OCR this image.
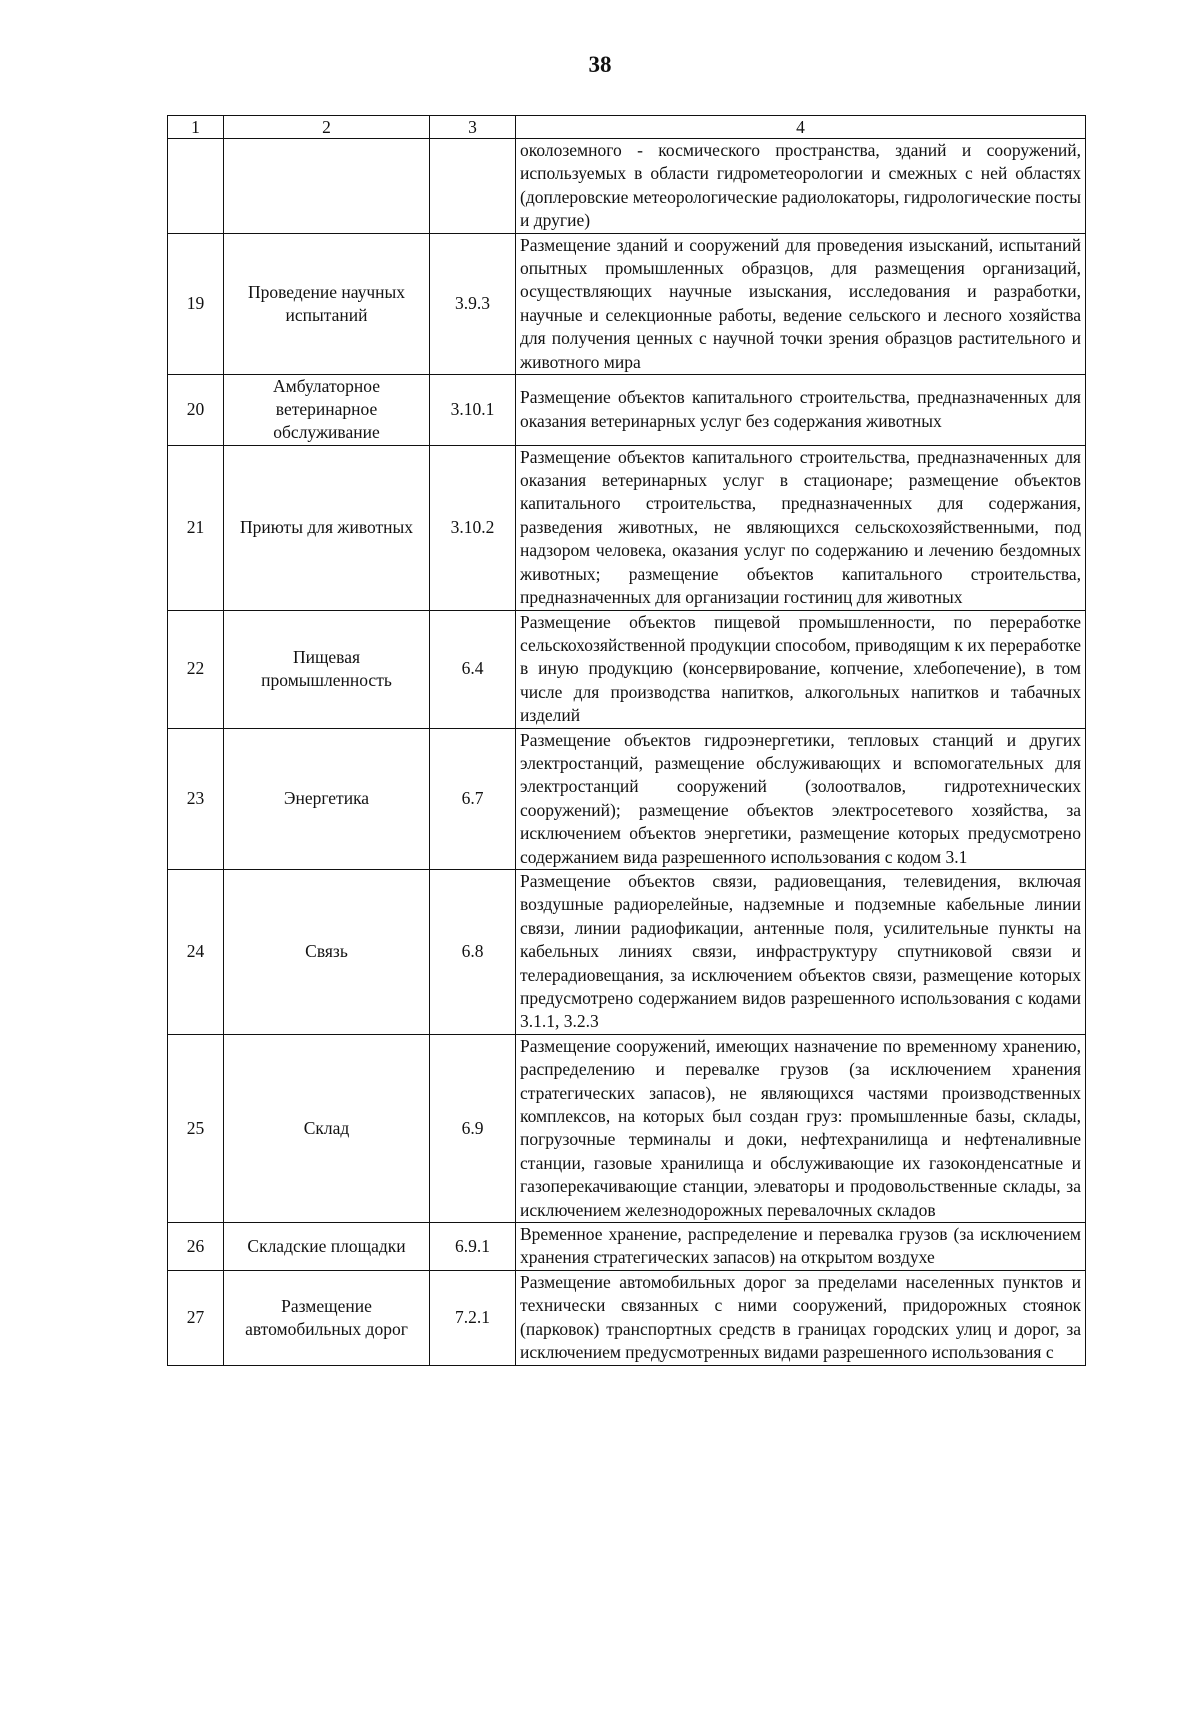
38
1	2	3	4
			околоземного - космического пространства, зданий и сооружений, используемых в области гидрометеорологии и смежных с ней областях (доплеровские метеорологические радиолокаторы, гидрологические посты и другие)
19	Проведение научных испытаний	3.9.3	Размещение зданий и сооружений для проведения изысканий, испытаний опытных промышленных образцов, для размещения организаций, осуществляющих научные изыскания, исследования и разработки, научные и селекционные работы, ведение сельского и лесного хозяйства для получения ценных с научной точки зрения образцов растительного и животного мира
20	Амбулаторное ветеринарное обслуживание	3.10.1	Размещение объектов капитального строительства, предназначенных для оказания ветеринарных услуг без содержания животных
21	Приюты для животных	3.10.2	Размещение объектов капитального строительства, предназначенных для оказания ветеринарных услуг в стационаре; размещение объектов капитального строительства, предназначенных для содержания, разведения животных, не являющихся сельскохозяйственными, под надзором человека, оказания услуг по содержанию и лечению бездомных животных; размещение объектов капитального строительства, предназначенных для организации гостиниц для животных
22	Пищевая промышленность	6.4	Размещение объектов пищевой промышленности, по переработке сельскохозяйственной продукции способом, приводящим к их переработке в иную продукцию (консервирование, копчение, хлебопечение), в том числе для производства напитков, алкогольных напитков и табачных изделий
23	Энергетика	6.7	Размещение объектов гидроэнергетики, тепловых станций и других электростанций, размещение обслуживающих и вспомогательных для электростанций сооружений (золоотвалов, гидротехнических сооружений); размещение объектов электросетевого хозяйства, за исключением объектов энергетики, размещение которых предусмотрено содержанием вида разрешенного использования с кодом 3.1
24	Связь	6.8	Размещение объектов связи, радиовещания, телевидения, включая воздушные радиорелейные, надземные и подземные кабельные линии связи, линии радиофикации, антенные поля, усилительные пункты на кабельных линиях связи, инфраструктуру спутниковой связи и телерадиовещания, за исключением объектов связи, размещение которых предусмотрено содержанием видов разрешенного использования с кодами 3.1.1, 3.2.3
25	Склад	6.9	Размещение сооружений, имеющих назначение по временному хранению, распределению и перевалке грузов (за исключением хранения стратегических запасов), не являющихся частями производственных комплексов, на которых был создан груз: промышленные базы, склады, погрузочные терминалы и доки, нефтехранилища и нефтеналивные станции, газовые хранилища и обслуживающие их газоконденсатные и газоперекачивающие станции, элеваторы и продовольственные склады, за исключением железнодорожных перевалочных складов
26	Складские площадки	6.9.1	Временное хранение, распределение и перевалка грузов (за исключением хранения стратегических запасов) на открытом воздухе
27	Размещение автомобильных дорог	7.2.1	Размещение автомобильных дорог за пределами населенных пунктов и технически связанных с ними сооружений, придорожных стоянок (парковок) транспортных средств в границах городских улиц и дорог, за исключением предусмотренных видами разрешенного использования с
